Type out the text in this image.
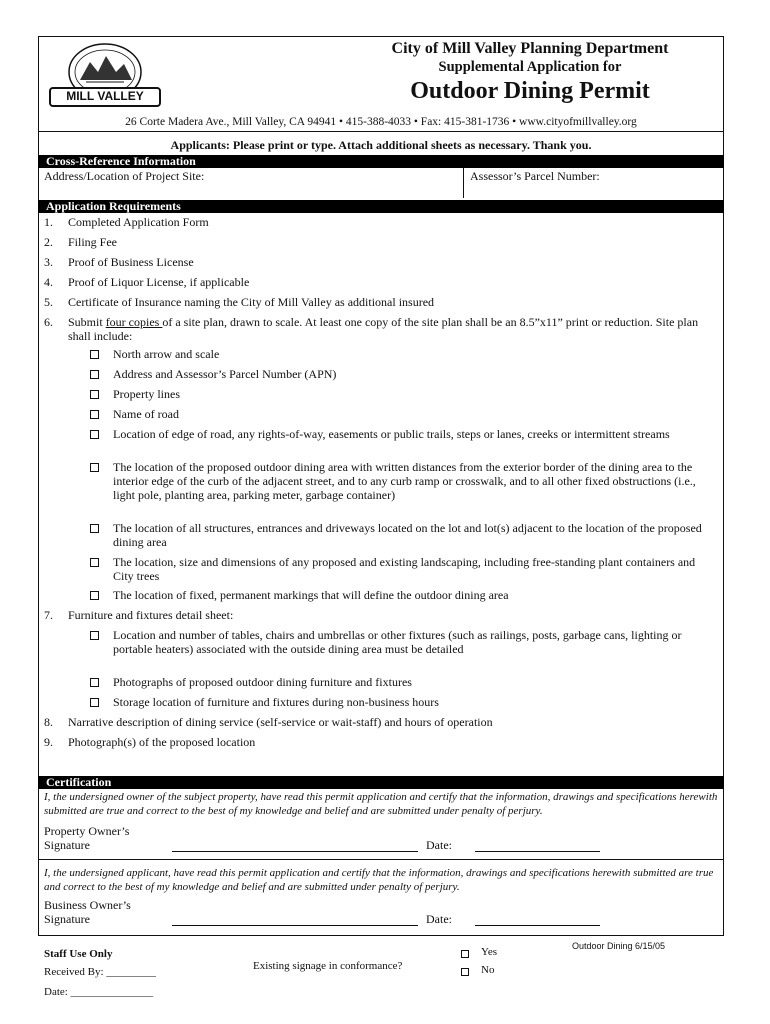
MILL VALLEY
City of Mill Valley Planning Department
Supplemental Application for
Outdoor Dining Permit
26 Corte Madera Ave., Mill Valley, CA 94941 • 415-388-4033 • Fax: 415-381-1736 • www.cityofmillvalley.org
Applicants: Please print or type. Attach additional sheets as necessary. Thank you.
Cross-Reference Information
Address/Location of Project Site:	Assessor’s Parcel Number:
Application Requirements
1. Completed Application Form
2. Filing Fee
3. Proof of Business License
4. Proof of Liquor License, if applicable
5. Certificate of Insurance naming the City of Mill Valley as additional insured
6. Submit four copies of a site plan, drawn to scale. At least one copy of the site plan shall be an 8.5”x11” print or reduction. Site plan shall include:
North arrow and scale
Address and Assessor’s Parcel Number (APN)
Property lines
Name of road
Location of edge of road, any rights-of-way, easements or public trails, steps or lanes, creeks or intermittent streams
The location of the proposed outdoor dining area with written distances from the exterior border of the dining area to the interior edge of the curb of the adjacent street, and to any curb ramp or crosswalk, and to all other fixed obstructions (i.e., light pole, planting area, parking meter, garbage container)
The location of all structures, entrances and driveways located on the lot and lot(s) adjacent to the location of the proposed dining area
The location, size and dimensions of any proposed and existing landscaping, including free-standing plant containers and City trees
The location of fixed, permanent markings that will define the outdoor dining area
7. Furniture and fixtures detail sheet:
Location and number of tables, chairs and umbrellas or other fixtures (such as railings, posts, garbage cans, lighting or portable heaters) associated with the outside dining area must be detailed
Photographs of proposed outdoor dining furniture and fixtures
Storage location of furniture and fixtures during non-business hours
8. Narrative description of dining service (self-service or wait-staff) and hours of operation
9. Photograph(s) of the proposed location
Certification
I, the undersigned owner of the subject property, have read this permit application and certify that the information, drawings and specifications herewith submitted are true and correct to the best of my knowledge and belief and are submitted under penalty of perjury.
Property Owner’s
Signature	Date:
I, the undersigned applicant, have read this permit application and certify that the information, drawings and specifications herewith submitted are true and correct to the best of my knowledge and belief and are submitted under penalty of perjury.
Business Owner’s
Signature	Date:
Staff Use Only
Received By: _________
Date: _______________
Existing signage in conformance?
Yes
No
Outdoor Dining 6/15/05
